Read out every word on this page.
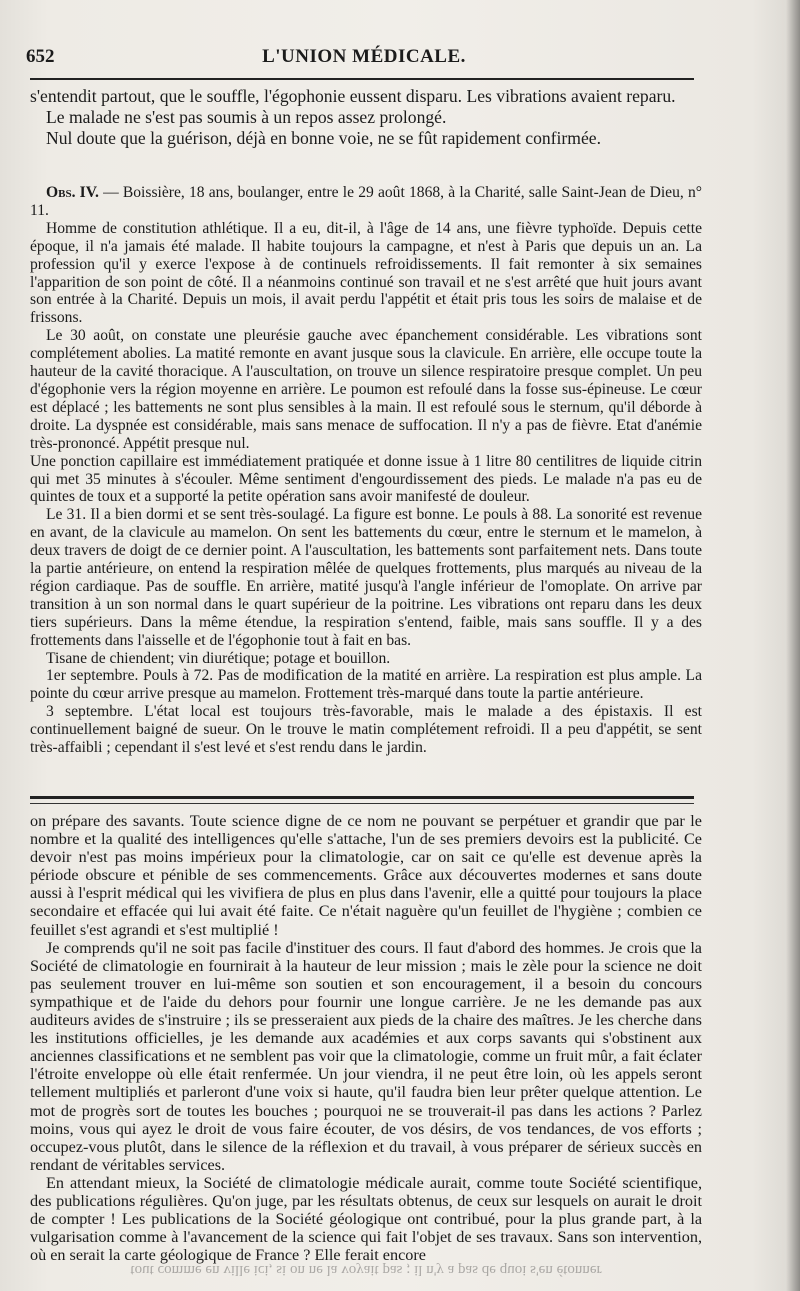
652	L'UNION MÉDICALE.

s'entendit partout, que le souffle, l'égophonie eussent disparu. Les vibrations avaient reparu.

Le malade ne s'est pas soumis à un repos assez prolongé.

Nul doute que la guérison, déjà en bonne voie, ne se fût rapidement confirmée.

Obs. IV. — Boissière, 18 ans, boulanger, entre le 29 août 1868, à la Charité, salle Saint-Jean de Dieu, n° 11.

Homme de constitution athlétique. Il a eu, dit-il, à l'âge de 14 ans, une fièvre typhoïde. Depuis cette époque, il n'a jamais été malade. Il habite toujours la campagne, et n'est à Paris que depuis un an. La profession qu'il y exerce l'expose à de continuels refroidissements. Il fait remonter à six semaines l'apparition de son point de côté. Il a néanmoins continué son travail et ne s'est arrêté que huit jours avant son entrée à la Charité. Depuis un mois, il avait perdu l'appétit et était pris tous les soirs de malaise et de frissons.

Le 30 août, on constate une pleurésie gauche avec épanchement considérable. Les vibrations sont complétement abolies. La matité remonte en avant jusque sous la clavicule. En arrière, elle occupe toute la hauteur de la cavité thoracique. A l'auscultation, on trouve un silence respiratoire presque complet. Un peu d'égophonie vers la région moyenne en arrière. Le poumon est refoulé dans la fosse sus-épineuse. Le cœur est déplacé ; les battements ne sont plus sensibles à la main. Il est refoulé sous le sternum, qu'il déborde à droite. La dyspnée est considérable, mais sans menace de suffocation. Il n'y a pas de fièvre. Etat d'anémie très-prononcé. Appétit presque nul.

Une ponction capillaire est immédiatement pratiquée et donne issue à 1 litre 80 centilitres de liquide citrin qui met 35 minutes à s'écouler. Même sentiment d'engourdissement des pieds. Le malade n'a pas eu de quintes de toux et a supporté la petite opération sans avoir manifesté de douleur.

Le 31. Il a bien dormi et se sent très-soulagé. La figure est bonne. Le pouls à 88. La sonorité est revenue en avant, de la clavicule au mamelon. On sent les battements du cœur, entre le sternum et le mamelon, à deux travers de doigt de ce dernier point. A l'auscultation, les battements sont parfaitement nets. Dans toute la partie antérieure, on entend la respiration mêlée de quelques frottements, plus marqués au niveau de la région cardiaque. Pas de souffle. En arrière, matité jusqu'à l'angle inférieur de l'omoplate. On arrive par transition à un son normal dans le quart supérieur de la poitrine. Les vibrations ont reparu dans les deux tiers supérieurs. Dans la même étendue, la respiration s'entend, faible, mais sans souffle. Il y a des frottements dans l'aisselle et de l'égophonie tout à fait en bas.

Tisane de chiendent; vin diurétique; potage et bouillon.

1er septembre. Pouls à 72. Pas de modification de la matité en arrière. La respiration est plus ample. La pointe du cœur arrive presque au mamelon. Frottement très-marqué dans toute la partie antérieure.

3 septembre. L'état local est toujours très-favorable, mais le malade a des épistaxis. Il est continuellement baigné de sueur. On le trouve le matin complétement refroidi. Il a peu d'appétit, se sent très-affaibli ; cependant il s'est levé et s'est rendu dans le jardin.

on prépare des savants. Toute science digne de ce nom ne pouvant se perpétuer et grandir que par le nombre et la qualité des intelligences qu'elle s'attache, l'un de ses premiers devoirs est la publicité. Ce devoir n'est pas moins impérieux pour la climatologie, car on sait ce qu'elle est devenue après la période obscure et pénible de ses commencements. Grâce aux découvertes modernes et sans doute aussi à l'esprit médical qui les vivifiera de plus en plus dans l'avenir, elle a quitté pour toujours la place secondaire et effacée qui lui avait été faite. Ce n'était naguère qu'un feuillet de l'hygiène ; combien ce feuillet s'est agrandi et s'est multiplié !

Je comprends qu'il ne soit pas facile d'instituer des cours. Il faut d'abord des hommes. Je crois que la Société de climatologie en fournirait à la hauteur de leur mission ; mais le zèle pour la science ne doit pas seulement trouver en lui-même son soutien et son encouragement, il a besoin du concours sympathique et de l'aide du dehors pour fournir une longue carrière. Je ne les demande pas aux auditeurs avides de s'instruire ; ils se presseraient aux pieds de la chaire des maîtres. Je les cherche dans les institutions officielles, je les demande aux académies et aux corps savants qui s'obstinent aux anciennes classifications et ne semblent pas voir que la climatologie, comme un fruit mûr, a fait éclater l'étroite enveloppe où elle était renfermée. Un jour viendra, il ne peut être loin, où les appels seront tellement multipliés et parleront d'une voix si haute, qu'il faudra bien leur prêter quelque attention. Le mot de progrès sort de toutes les bouches ; pourquoi ne se trouverait-il pas dans les actions ? Parlez moins, vous qui ayez le droit de vous faire écouter, de vos désirs, de vos tendances, de vos efforts ; occupez-vous plutôt, dans le silence de la réflexion et du travail, à vous préparer de sérieux succès en rendant de véritables services.

En attendant mieux, la Société de climatologie médicale aurait, comme toute Société scientifique, des publications régulières. Qu'on juge, par les résultats obtenus, de ceux sur lesquels on aurait le droit de compter ! Les publications de la Société géologique ont contribué, pour la plus grande part, à la vulgarisation comme à l'avancement de la science qui fait l'objet de ses travaux. Sans son intervention, où en serait la carte géologique de France ? Elle ferait encore

tout comme en ville ici, si on ne la voyait pas ; il n'y a pas de quoi s'en étonner
